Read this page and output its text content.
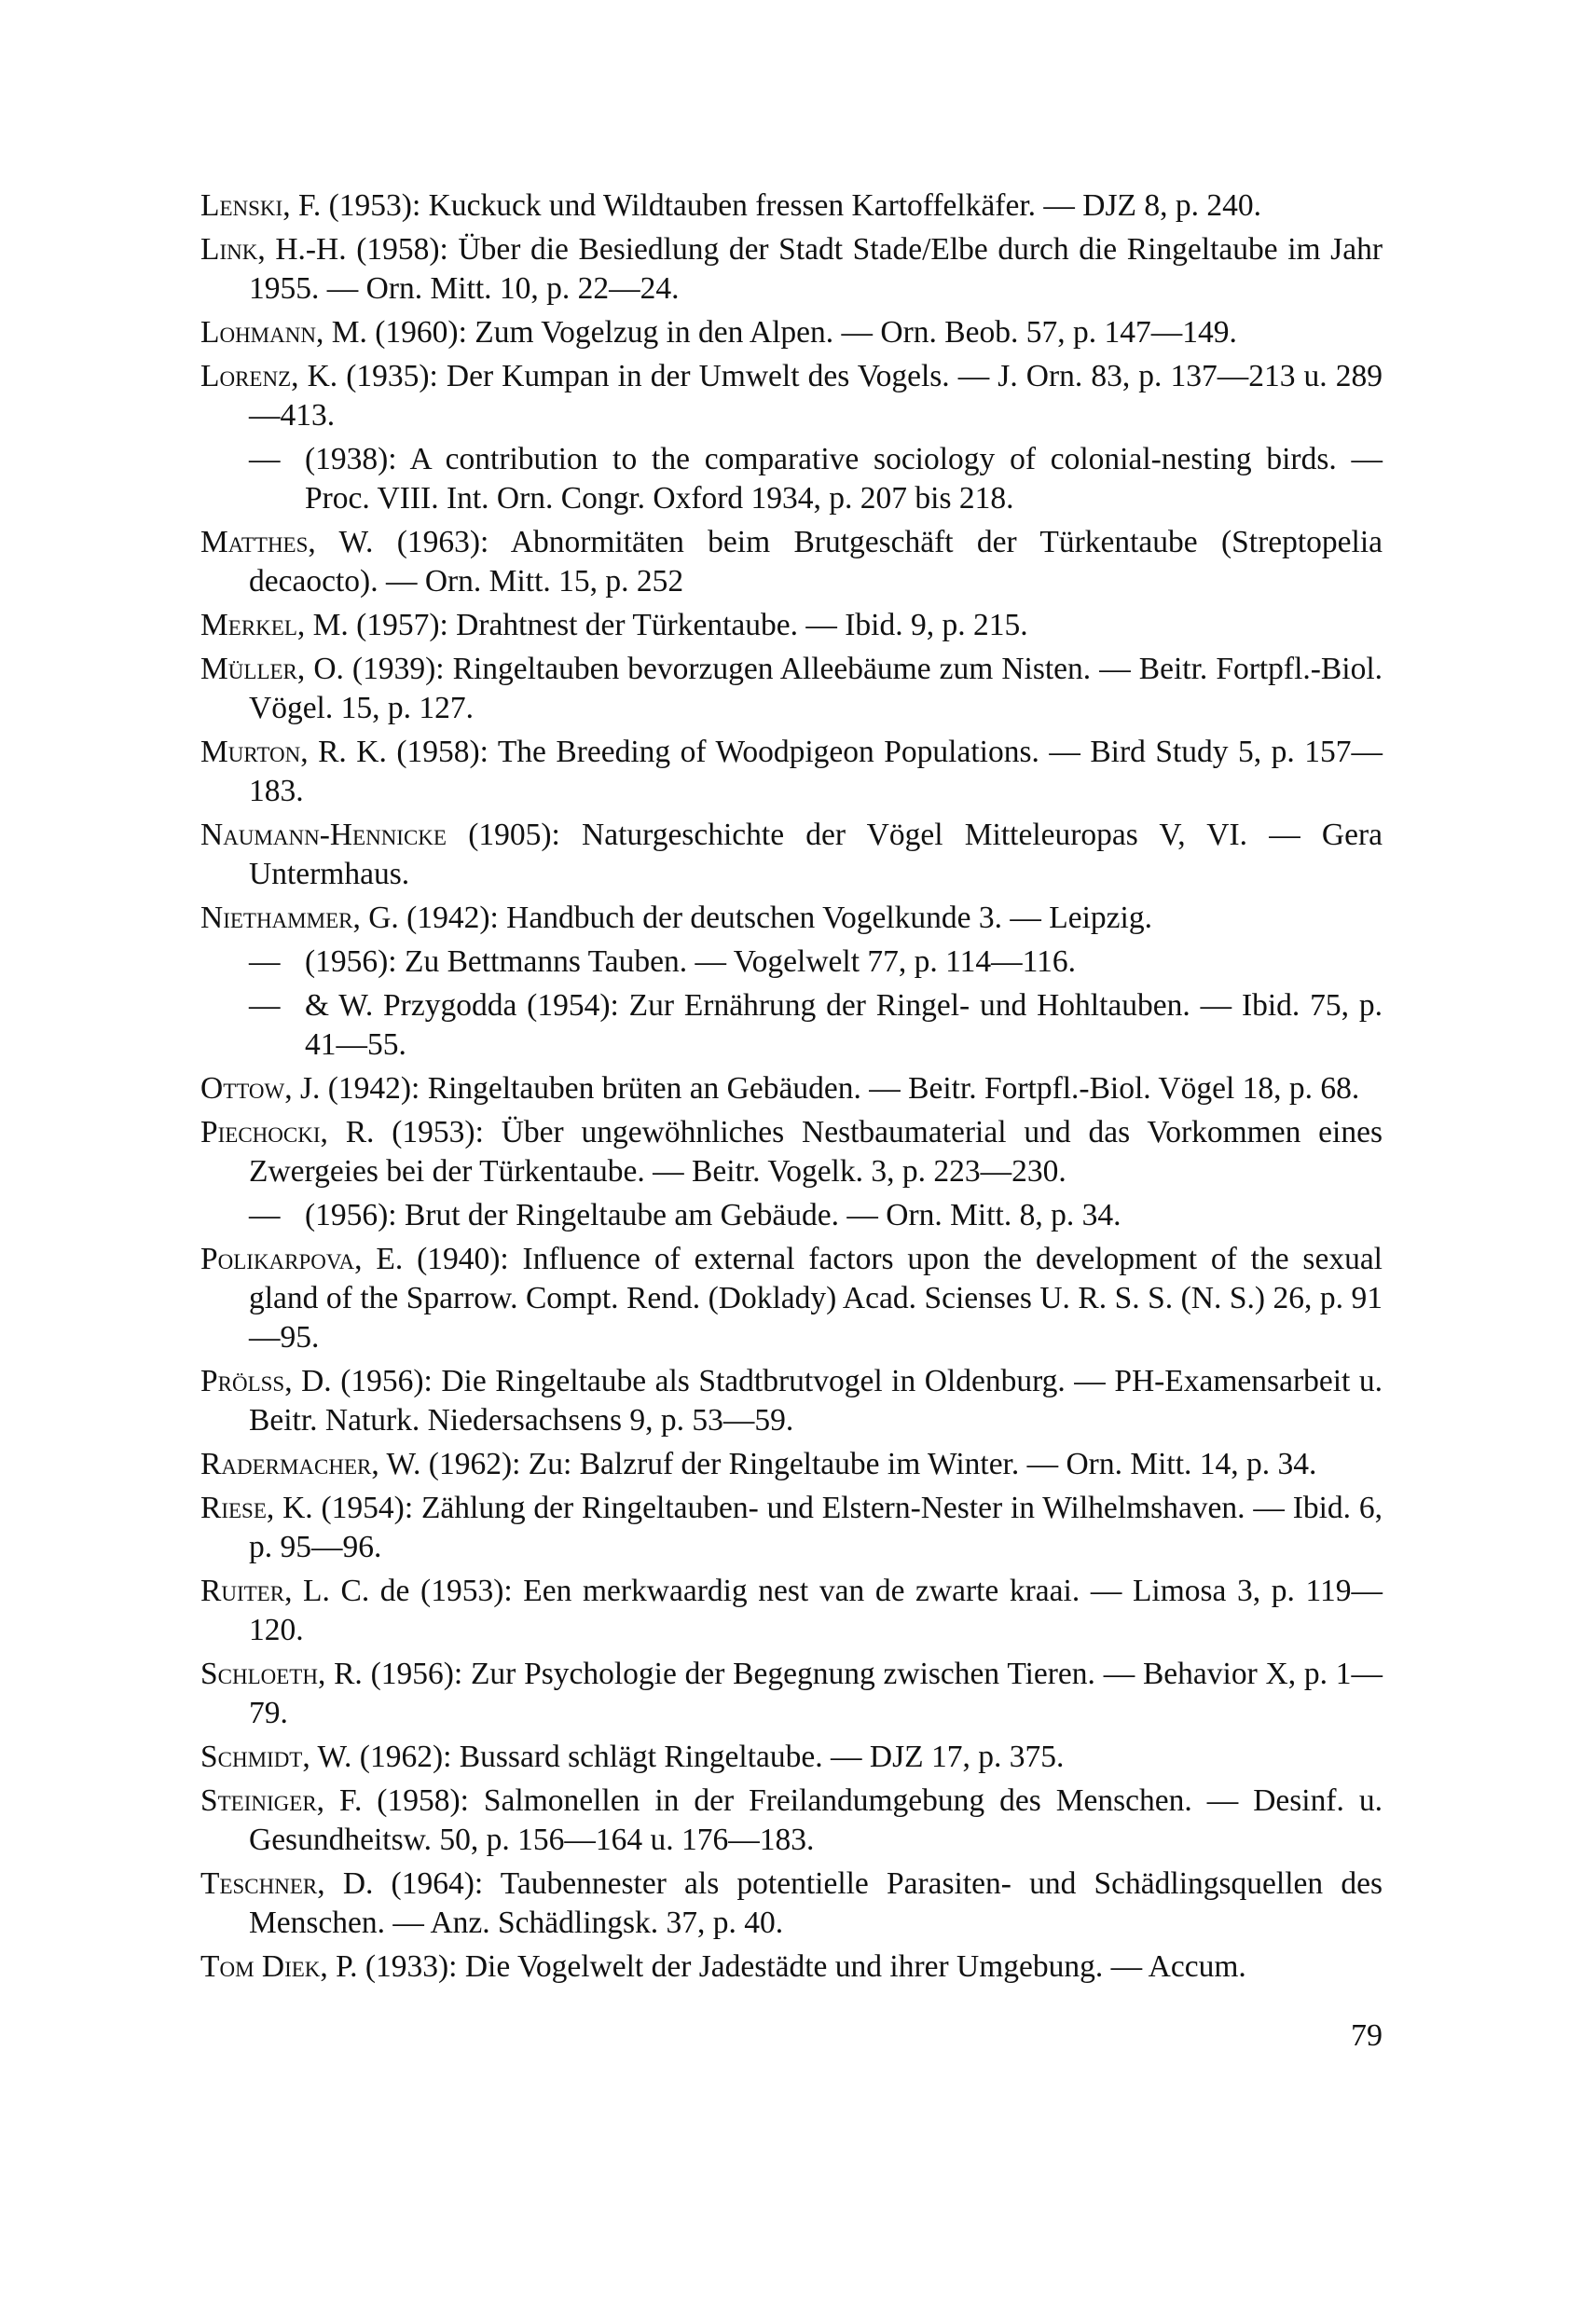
Lenski, F. (1953): Kuckuck und Wildtauben fressen Kartoffelkäfer. — DJZ 8, p. 240.

Link, H.-H. (1958): Über die Besiedlung der Stadt Stade/Elbe durch die Ringeltaube im Jahr 1955. — Orn. Mitt. 10, p. 22—24.

Lohmann, M. (1960): Zum Vogelzug in den Alpen. — Orn. Beob. 57, p. 147—149.

Lorenz, K. (1935): Der Kumpan in der Umwelt des Vogels. — J. Orn. 83, p. 137—213 u. 289—413.

— (1938): A contribution to the comparative sociology of colonial-nesting birds. — Proc. VIII. Int. Orn. Congr. Oxford 1934, p. 207 bis 218.

Matthes, W. (1963): Abnormitäten beim Brutgeschäft der Türkentaube (Streptopelia decaocto). — Orn. Mitt. 15, p. 252

Merkel, M. (1957): Drahtnest der Türkentaube. — Ibid. 9, p. 215.

Müller, O. (1939): Ringeltauben bevorzugen Alleebäume zum Nisten. — Beitr. Fortpfl.-Biol. Vögel. 15, p. 127.

Murton, R. K. (1958): The Breeding of Woodpigeon Populations. — Bird Study 5, p. 157—183.

Naumann-Hennicke (1905): Naturgeschichte der Vögel Mitteleuropas V, VI. — Gera Untermhaus.

Niethammer, G. (1942): Handbuch der deutschen Vogelkunde 3. — Leipzig.

— (1956): Zu Bettmanns Tauben. — Vogelwelt 77, p. 114—116.

— & W. Przygodda (1954): Zur Ernährung der Ringel- und Hohltauben. — Ibid. 75, p. 41—55.

Ottow, J. (1942): Ringeltauben brüten an Gebäuden. — Beitr. Fortpfl.-Biol. Vögel 18, p. 68.

Piechocki, R. (1953): Über ungewöhnliches Nestbaumaterial und das Vorkommen eines Zwergeies bei der Türkentaube. — Beitr. Vogelk. 3, p. 223—230.

— (1956): Brut der Ringeltaube am Gebäude. — Orn. Mitt. 8, p. 34.

Polikarpova, E. (1940): Influence of external factors upon the development of the sexual gland of the Sparrow. Compt. Rend. (Doklady) Acad. Scienses U. R. S. S. (N. S.) 26, p. 91—95.

Prölss, D. (1956): Die Ringeltaube als Stadtbrutvogel in Oldenburg. — PH-Examensarbeit u. Beitr. Naturk. Niedersachsens 9, p. 53—59.

Radermacher, W. (1962): Zu: Balzruf der Ringeltaube im Winter. — Orn. Mitt. 14, p. 34.

Riese, K. (1954): Zählung der Ringeltauben- und Elstern-Nester in Wilhelmshaven. — Ibid. 6, p. 95—96.

Ruiter, L. C. de (1953): Een merkwaardig nest van de zwarte kraai. — Limosa 3, p. 119—120.

Schloeth, R. (1956): Zur Psychologie der Begegnung zwischen Tieren. — Behavior X, p. 1—79.

Schmidt, W. (1962): Bussard schlägt Ringeltaube. — DJZ 17, p. 375.

Steiniger, F. (1958): Salmonellen in der Freilandumgebung des Menschen. — Desinf. u. Gesundheitsw. 50, p. 156—164 u. 176—183.

Teschner, D. (1964): Taubennester als potentielle Parasiten- und Schädlingsquellen des Menschen. — Anz. Schädlingsk. 37, p. 40.

Tom Diek, P. (1933): Die Vogelwelt der Jadestädte und ihrer Umgebung. — Accum.

79
